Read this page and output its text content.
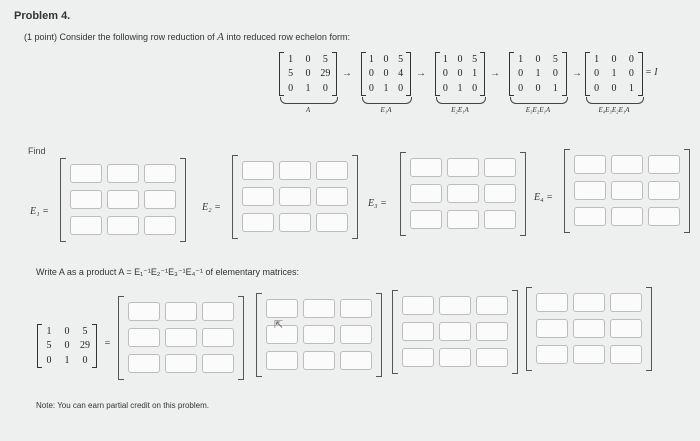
Problem 4.
(1 point) Consider the following row reduction of A into reduced row echelon form:
1	0	5
5	0 29
0	1	0
A
→
1 0 5
0 0 4
0 1 0
E₁A
→
1 0 5
0 0 1
0 1 0
E₂E₁A
→
1	0	5
0	1	0
0	0	1
E₃E₂E₁A
→
1	0	0
0	1	0
0	0	1
E₄E₃E₂E₁A
= I
Find
E₁ =	E₂ =	E₃ =
E₄ =
Write A as a product A = E₁⁻¹E₂⁻¹E₃⁻¹E₄⁻¹ of elementary matrices:
1	0	5
5	0	29
0	1	0
=
⇱
Note: You can earn partial credit on this problem.
